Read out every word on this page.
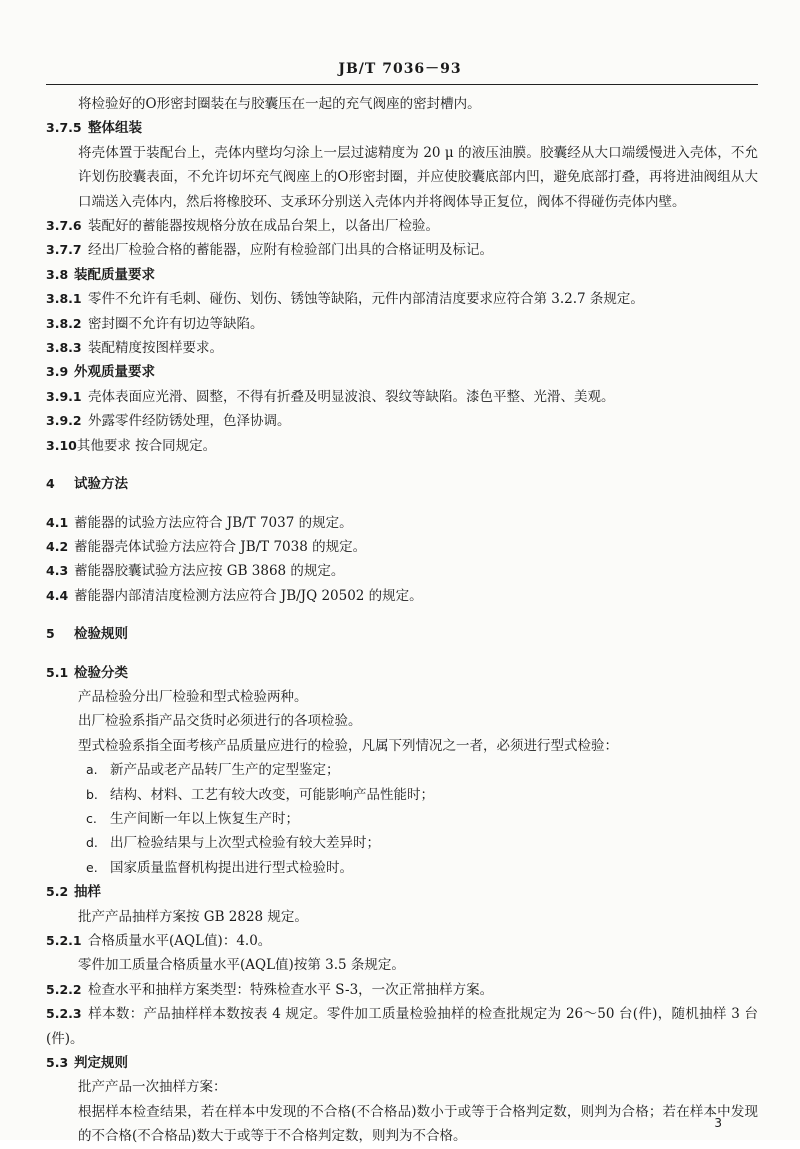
JB/T 7036－93
将检验好的O形密封圈装在与胶囊压在一起的充气阀座的密封槽内。
3.7.5 整体组装
将壳体置于装配台上，壳体内壁均匀涂上一层过滤精度为 20 μ 的液压油膜。胶囊经从大口端缓慢进入壳体，不允许划伤胶囊表面，不允许切坏充气阀座上的O形密封圈，并应使胶囊底部内凹，避免底部打叠，再将进油阀组从大口端送入壳体内，然后将橡胶环、支承环分别送入壳体内并将阀体导正复位，阀体不得碰伤壳体内壁。
3.7.6 装配好的蓄能器按规格分放在成品台架上，以备出厂检验。
3.7.7 经出厂检验合格的蓄能器，应附有检验部门出具的合格证明及标记。
3.8 装配质量要求
3.8.1 零件不允许有毛刺、碰伤、划伤、锈蚀等缺陷，元件内部清洁度要求应符合第 3.2.7 条规定。
3.8.2 密封圈不允许有切边等缺陷。
3.8.3 装配精度按图样要求。
3.9 外观质量要求
3.9.1 壳体表面应光滑、圆整，不得有折叠及明显波浪、裂纹等缺陷。漆色平整、光滑、美观。
3.9.2 外露零件经防锈处理，色泽协调。
3.10其他要求 按合同规定。
4 试验方法
4.1 蓄能器的试验方法应符合 JB/T 7037 的规定。
4.2 蓄能器壳体试验方法应符合 JB/T 7038 的规定。
4.3 蓄能器胶囊试验方法应按 GB 3868 的规定。
4.4 蓄能器内部清洁度检测方法应符合 JB/JQ 20502 的规定。
5 检验规则
5.1 检验分类
产品检验分出厂检验和型式检验两种。
出厂检验系指产品交货时必须进行的各项检验。
型式检验系指全面考核产品质量应进行的检验，凡属下列情况之一者，必须进行型式检验：
a. 新产品或老产品转厂生产的定型鉴定；
b. 结构、材料、工艺有较大改变，可能影响产品性能时；
c. 生产间断一年以上恢复生产时；
d. 出厂检验结果与上次型式检验有较大差异时；
e. 国家质量监督机构提出进行型式检验时。
5.2 抽样
批产产品抽样方案按 GB 2828 规定。
5.2.1 合格质量水平(AQL值)：4.0。
零件加工质量合格质量水平(AQL值)按第 3.5 条规定。
5.2.2 检查水平和抽样方案类型：特殊检查水平 S-3，一次正常抽样方案。
5.2.3 样本数：产品抽样样本数按表 4 规定。零件加工质量检验抽样的检查批规定为 26～50 台(件)，随机抽样 3 台(件)。
5.3 判定规则
批产产品一次抽样方案：
根据样本检查结果，若在样本中发现的不合格(不合格品)数小于或等于合格判定数，则判为合格；若在样本中发现的不合格(不合格品)数大于或等于不合格判定数，则判为不合格。
3
